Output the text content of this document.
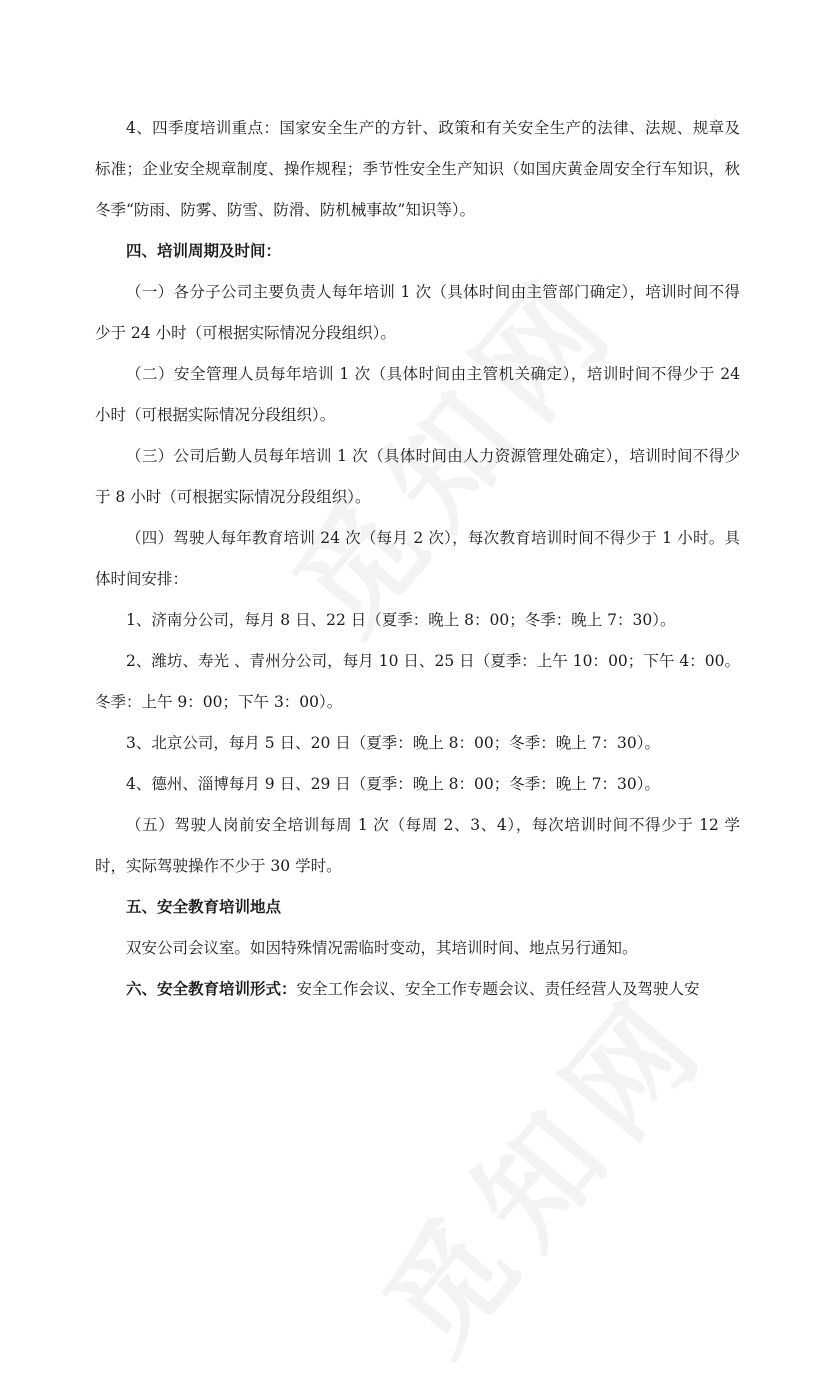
4、四季度培训重点：国家安全生产的方针、政策和有关安全生产的法律、法规、规章及标准；企业安全规章制度、操作规程；季节性安全生产知识（如国庆黄金周安全行车知识，秋冬季“防雨、防雾、防雪、防滑、防机械事故”知识等）。

四、培训周期及时间：

（一）各分子公司主要负责人每年培训 1 次（具体时间由主管部门确定），培训时间不得少于 24 小时（可根据实际情况分段组织）。

（二）安全管理人员每年培训 1 次（具体时间由主管机关确定），培训时间不得少于 24 小时（可根据实际情况分段组织）。

（三）公司后勤人员每年培训 1 次（具体时间由人力资源管理处确定），培训时间不得少于 8 小时（可根据实际情况分段组织）。

（四）驾驶人每年教育培训 24 次（每月 2 次），每次教育培训时间不得少于 1 小时。具体时间安排：

1、济南分公司，每月 8 日、22 日（夏季：晚上 8：00；冬季：晚上 7：30）。

2、潍坊、寿光 、青州分公司，每月 10 日、25 日（夏季：上午 10：00；下午 4：00。冬季：上午 9：00；下午 3：00）。

3、北京公司，每月 5 日、20 日（夏季：晚上 8：00；冬季：晚上 7：30）。

4、德州、淄博每月 9 日、29 日（夏季：晚上 8：00；冬季：晚上 7：30）。

（五）驾驶人岗前安全培训每周 1 次（每周 2、3、4），每次培训时间不得少于 12 学时，实际驾驶操作不少于 30 学时。

五、安全教育培训地点

双安公司会议室。如因特殊情况需临时变动，其培训时间、地点另行通知。

六、安全教育培训形式：安全工作会议、安全工作专题会议、责任经营人及驾驶人安
